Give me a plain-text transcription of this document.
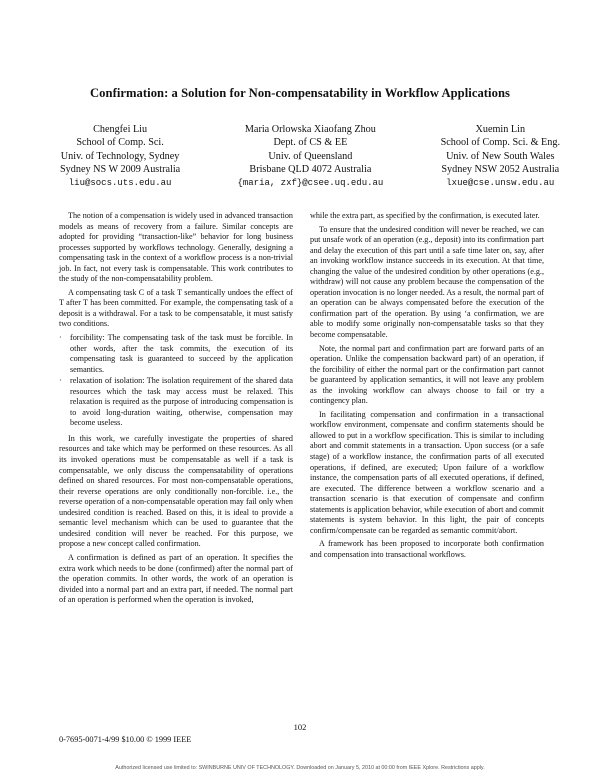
Confirmation: a Solution for Non-compensatability in Workflow Applications
Chengfei Liu
School of Comp. Sci.
Univ. of Technology, Sydney
Sydney NS W 2009 Australia
liu@socs.uts.edu.au
Maria Orlowska Xiaofang Zhou
Dept. of CS & EE
Univ. of Queensland
Brisbane QLD 4072 Australia
{maria, zxf}@csee.uq.edu.au
Xuemin Lin
School of Comp. Sci. & Eng.
Univ. of New South Wales
Sydney NSW 2052 Australia
lxue@cse.unsw.edu.au

The notion of a compensation is widely used in advanced transaction models as means of recovery from a failure. Similar concepts are adopted for providing “transaction-like” behavior for long business processes supported by workflows technology. Generally, designing a compensating task in the context of a workflow process is a non-trivial job. In fact, not every task is compensatable. This work contributes to the study of the non-compensatability problem.

A compensating task C of a task T semantically undoes the effect of T after T has been committed. For example, the compensating task of a deposit is a withdrawal. For a task to be compensatable, it must satisfy two conditions.

· forcibility: The compensating task of the task must be forcible. In other words, after the task commits, the execution of its compensating task is guaranteed to succeed by the application semantics.
· relaxation of isolation: The isolation requirement of the shared data resources which the task may access must be relaxed. This relaxation is required as the purpose of introducing compensation is to avoid long-duration waiting, otherwise, compensation may become useless.

In this work, we carefully investigate the properties of shared resources and take which may be performed on these resources. As all its invoked operations must be compensatable as well if a task is compensatable, we only discuss the compensatability of operations defined on shared resources. For most non-compensatable operations, their reverse operations are only conditionally non-forcible. i.e., the reverse operation of a non-compensatable operation may fail only when undesired condition is reached. Based on this, it is ideal to provide a semantic level mechanism which can be used to guarantee that the undesired condition will never be reached. For this purpose, we propose a new concept called confirmation.

A confirmation is defined as part of an operation. It specifies the extra work which needs to be done (confirmed) after the normal part of the operation commits. In other words, the work of an operation is divided into a normal part and an extra part, if needed. The normal part of an operation is performed when the operation is invoked,

while the extra part, as specified by the confirmation, is executed later.

To ensure that the undesired condition will never be reached, we can put unsafe work of an operation (e.g., deposit) into its confirmation part and delay the execution of this part until a safe time later on, say, after an invoking workflow instance succeeds in its execution. At that time, changing the value of the undesired condition by other operations (e.g., withdraw) will not cause any problem because the compensation of the operation invocation is no longer needed. As a result, the normal part of an operation can be always compensated before the execution of the confirmation part of the operation. By using ‘a confirmation, we are able to modify some originally non-compensatable tasks so that they become compensatable.

Note, the normal part and confirmation part are forward parts of an operation. Unlike the compensation backward part) of an operation, if the forcibility of either the normal part or the confirmation part cannot be guaranteed by application semantics, it will not leave any problem as the invoking workflow can always choose to fail or try a contingency plan.

In facilitating compensation and confirmation in a transactional workflow environment, compensate and confirm statements should be allowed to put in a workflow specification. This is similar to including abort and commit statements in a transaction. Upon success (or a safe stage) of a workflow instance, the confirmation parts of all executed operations, if defined, are executed; Upon failure of a workflow instance, the compensation parts of all executed operations, if defined, are executed. The difference between a workflow scenario and a transaction scenario is that execution of compensate and confirm statements is application behavior, while execution of abort and commit statements is system behavior. In this light, the pair of concepts confirm/compensate can be regarded as semantic commit/abort.

A framework has been proposed to incorporate both confirmation and compensation into transactional workflows.

102
0-7695-0071-4/99 $10.00 © 1999 IEEE
Authorized licensed use limited to: SWINBURNE UNIV OF TECHNOLOGY. Downloaded on January 5, 2010 at 00:00 from IEEE Xplore. Restrictions apply.
